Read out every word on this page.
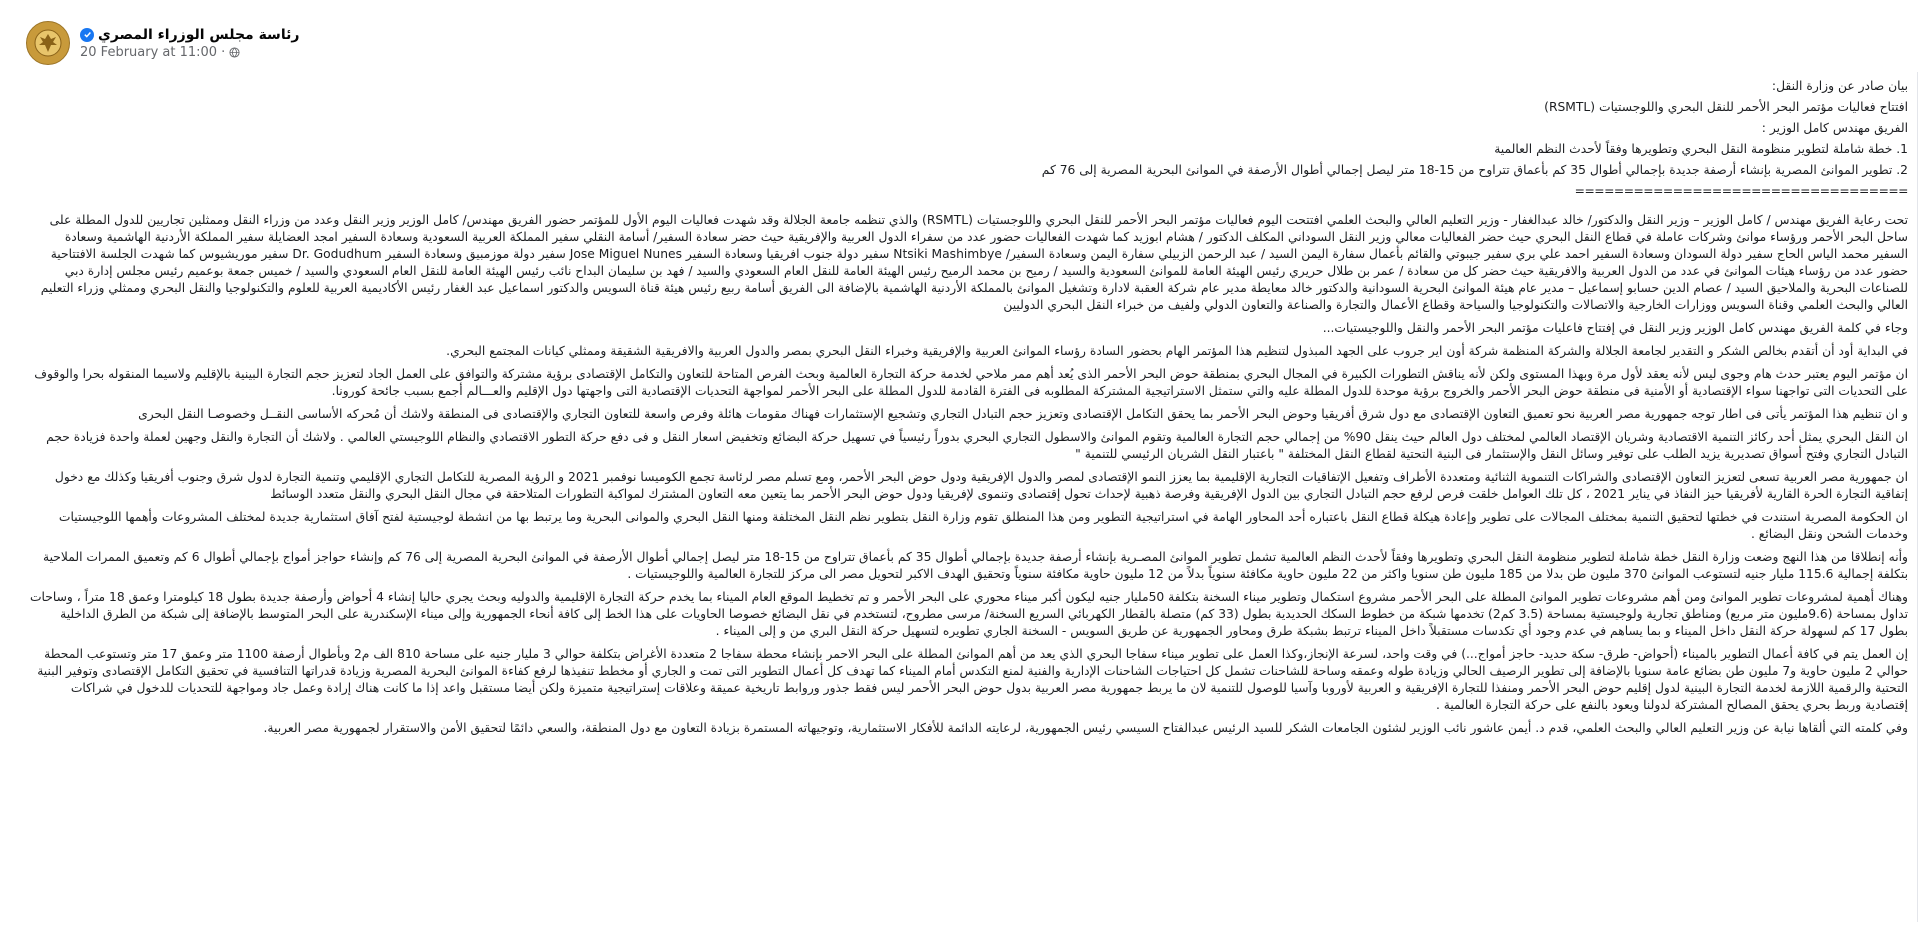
رئاسة مجلس الوزراء المصري
20 February at 11:00 ·

بيان صادر عن وزارة النقل:

افتتاح فعاليات مؤتمر البحر الأحمر للنقل البحري واللوجستيات (RSMTL)

الفريق مهندس كامل الوزير :

1. خطة شاملة لتطوير منظومة النقل البحري وتطويرها وفقاً لأحدث النظم العالمية

2. تطوير الموانئ المصرية بإنشاء أرصفة جديدة بإجمالي أطوال 35 كم بأعماق تتراوح من 15-18 متر ليصل إجمالي أطوال الأرصفة في الموانئ البحرية المصرية إلى 76 كم

==================================

تحت رعاية الفريق مهندس / كامل الوزير – وزير النقل والدكتور/ خالد عبدالغفار - وزير التعليم العالي والبحث العلمي افتتحت اليوم فعاليات مؤتمر البحر الأحمر للنقل البحري واللوجستيات (RSMTL) والذي تنظمه جامعة الجلالة وقد شهدت فعاليات اليوم الأول للمؤتمر حضور الفريق مهندس/ كامل الوزير وزير النقل وعدد من وزراء النقل وممثلين تجاريين للدول المطلة على ساحل البحر الأحمر ورؤساء موانئ وشركات عاملة في قطاع النقل البحري حيث حضر الفعاليات معالي وزير النقل السوداني المكلف الدكتور / هشام ابوزيد كما شهدت الفعاليات حضور عدد من سفراء الدول العربية والإفريقية حيث حضر سعادة السفير/ أسامة النقلي سفير المملكة العربية السعودية وسعادة السفير امجد العضايلة سفير المملكة الأردنية الهاشمية وسعادة السفير محمد الياس الحاج سفير دولة السودان وسعادة السفير احمد علي بري سفير جيبوتي والقائم بأعمال سفارة اليمن السيد / عبد الرحمن الزبيلي سفارة اليمن وسعادة السفير/ Ntsiki Mashimbye سفير دولة جنوب افريقيا وسعادة السفير Jose Miguel Nunes سفير دولة موزمبيق وسعادة السفير Dr. Godudhum سفير موريشيوس كما شهدت الجلسة الافتتاحية حضور عدد من رؤساء هيئات الموانئ في عدد من الدول العربية والافريقية حيث حضر كل من سعادة / عمر بن طلال حريري رئيس الهيئة العامة للموانئ السعودية والسيد / رميح بن محمد الرميح رئيس الهيئة العامة للنقل العام السعودي والسيد / فهد بن سليمان البداح نائب رئيس الهيئة العامة للنقل العام السعودي والسيد / خميس جمعة بوعميم رئيس مجلس إدارة دبي للصناعات البحرية والملاحيق السيد / عصام الدين حسابو إسماعيل – مدير عام هيئة الموانئ البحرية السودانية والدكتور خالد معايطة مدير عام شركة العقبة لادارة وتشغيل الموانئ بالمملكة الأردنية الهاشمية بالإضافة الى الفريق أسامة ربيع رئيس هيئة قناة السويس والدكتور اسماعيل عبد الغفار رئيس الأكاديمية العربية للعلوم والتكنولوجيا والنقل البحري وممثلي وزراء التعليم العالي والبحث العلمي وقناة السويس ووزارات الخارجية والاتصالات والتكنولوجيا والسياحة وقطاع الأعمال والتجارة والصناعة والتعاون الدولي ولفيف من خبراء النقل البحري الدوليين

وجاء في كلمة الفريق مهندس كامل الوزير وزير النقل في إفتتاح فاعليات مؤتمر البحر الأحمر والنقل واللوجيستيات...

في البداية أود أن أتقدم بخالص الشكر و التقدير لجامعة الجلالة والشركة المنظمة شركة أون اير جروب على الجهد المبذول لتنظيم هذا المؤتمر الهام بحضور السادة رؤساء الموانئ العربية والإفريقية وخبراء النقل البحري بمصر والدول العربية والافريقية الشقيقة وممثلي كيانات المجتمع البحري.

ان مؤتمر اليوم يعتبر حدث هام وجوى ليس لأنه يعقد لأول مرة وبهذا المستوى ولكن لأنه يناقش التطورات الكبيرة في المجال البحري بمنطقة حوض البحر الأحمر الذى يُعد أهم ممر ملاحي لخدمة حركة التجارة العالمية وبحث الفرص المتاحة للتعاون والتكامل الإقتصادى برؤية مشتركة والتوافق على العمل الجاد لتعزيز حجم التجارة البينية بالإقليم ولاسيما المنقوله بحرا والوقوف على التحديات التى تواجهنا سواء الإقتصادية أو الأمنية فى منطقة حوض البحر الأحمر والخروج برؤية موحدة للدول المطلة عليه والتي ستمثل الاستراتيجية المشتركة المطلوبه فى الفترة القادمة للدول المطلة على البحر الأحمر لمواجهة التحديات الإقتصادية التى واجهتها دول الإقليم والعـــالم أجمع بسبب جائحة كورونا.

و ان تنظيم هذا المؤتمر يأتى فى اطار توجه جمهورية مصر العربية نحو تعميق التعاون الإقتصادى مع دول شرق أفريقيا وحوض البحر الأحمر بما يحقق التكامل الإقتصادى وتعزيز حجم التبادل التجاري وتشجيع الإستثمارات فهناك مقومات هائلة وفرص واسعة للتعاون التجاري والإقتصادى فى المنطقة ولاشك أن مُحركه الأساسى النقــل وخصوصـا النقل البحرى

ان النقل البحري يمثل أحد ركائز التنمية الاقتصادية وشريان الإقتصاد العالمي لمختلف دول العالم حيث ينقل 90% من إجمالي حجم التجارة العالمية وتقوم الموانئ والاسطول التجاري البحري بدوراً رئيسياً في تسهيل حركة البضائع وتخفيض اسعار النقل و فى دفع حركة التطور الاقتصادي والنظام اللوجيستي العالمي . ولاشك أن التجارة والنقل وجهين لعملة واحدة فزيادة حجم التبادل التجاري وفتح أسواق تصديرية يزيد الطلب على توفير وسائل النقل والإستثمار فى البنية التحتية لقطاع النقل المختلفة " باعتبار النقل الشريان الرئيسي للتنمية "

ان جمهورية مصر العربية تسعى لتعزيز التعاون الإقتصادى والشراكات التنموية الثنائية ومتعددة الأطراف وتفعيل الإتفاقيات التجارية الإقليمية بما يعزز النمو الإقتصادى لمصر والدول الإفريقية ودول حوض البحر الأحمر، ومع تسلم مصر لرئاسة تجمع الكوميسا نوفمبر 2021 و الرؤية المصرية للتكامل التجاري الإقليمي وتنمية التجارة لدول شرق وجنوب أفريقيا وكذلك مع دخول إتفاقية التجارة الحرة القارية لأفريقيا حيز النفاذ في يناير 2021 ، كل تلك العوامل خلقت فرص لرفع حجم التبادل التجاري بين الدول الإفريقية وفرصة ذهبية لإحداث تحول إقتصادى وتنموى لإفريقيا ودول حوض البحر الأحمر بما يتعين معه التعاون المشترك لمواكبة التطورات المتلاحقة في مجال النقل البحري والنقل متعدد الوسائط

ان الحكومة المصرية استندت في خطتها لتحقيق التنمية بمختلف المجالات على تطوير وإعادة هيكلة قطاع النقل باعتباره أحد المحاور الهامة في استراتيجية التطوير ومن هذا المنطلق تقوم وزارة النقل بتطوير نظم النقل المختلفة ومنها النقل البحري والموانى البحرية وما يرتبط بها من انشطة لوجيستية لفتح آفاق استثمارية جديدة لمختلف المشروعات وأهمها اللوجيستيات وخدمات الشحن ونقل البضائع .

وأنه إنطلاقا من هذا النهج وضعت وزارة النقل خطة شاملة لتطوير منظومة النقل البحري وتطويرها وفقاً لأحدث النظم العالمية تشمل تطوير الموانئ المصـرية بإنشاء أرصفة جديدة بإجمالي أطوال 35 كم بأعماق تتراوح من 15-18 متر ليصل إجمالي أطوال الأرصفة في الموانئ البحرية المصرية إلى 76 كم وإنشاء حواجز أمواج بإجمالي أطوال 6 كم وتعميق الممرات الملاحية بتكلفة إجمالية 115.6 مليار جنيه لتستوعب الموانئ 370 مليون طن بدلا من 185 مليون طن سنويا واكثر من 22 مليون حاوية مكافئة سنوياً بدلاً من 12 مليون حاوية مكافئة سنوياً وتحقيق الهدف الاكبر لتحويل مصر الى مركز للتجارة العالمية واللوجيستيات .

وهناك أهمية لمشروعات تطوير الموانئ ومن أهم مشروعات تطوير الموانئ المطلة على البحر الأحمر مشروع استكمال وتطوير ميناء السخنة بتكلفة 50مليار جنيه ليكون أكبر ميناء محوري على البحر الأحمر و تم تخطيط الموقع العام الميناء بما يخدم حركة التجارة الإقليمية والدوليه وبحث يجري حاليا إنشاء 4 أحواض وأرصفة جديدة بطول 18 كيلومترا وعمق 18 متراً ، وساحات تداول بمساحة (9.6مليون متر مربع) ومناطق تجارية ولوجيستية بمساحة (3.5 كم2) تخدمها شبكة من خطوط السكك الحديدية بطول (33 كم) متصلة بالقطار الكهربائي السريع السخنة/ مرسى مطروح، لتستخدم في نقل البضائع خصوصا الحاويات على هذا الخط إلى كافة أنحاء الجمهورية وإلى ميناء الإسكندرية على البحر المتوسط بالإضافة إلى شبكة من الطرق الداخلية بطول 17 كم لسهولة حركة النقل داخل الميناء و بما يساهم في عدم وجود أي تكدسات مستقبلاً داخل الميناء ترتبط بشبكة طرق ومحاور الجمهورية عن طريق السويس - السخنة الجاري تطويره لتسهيل حركة النقل البري من و إلى الميناء .

إن العمل يتم في كافة أعمال التطوير بالميناء (أحواض- طرق- سكة حديد- حاجز أمواج...) في وقت واحد، لسرعة الإنجاز،وكذا العمل على تطوير ميناء سفاجا البحري الذي يعد من أهم الموانئ المطلة على البحر الاحمر بإنشاء محطة سفاجا 2 متعددة الأغراض بتكلفة حوالي 3 مليار جنيه على مساحة 810 الف م2 وبأطوال أرصفة 1100 متر وعمق 17 متر وتستوعب المحطة حوالي 2 مليون حاوية و7 مليون طن بضائع عامة سنويا بالإضافة إلى تطوير الرصيف الحالي وزيادة طوله وعمقه وساحة للشاحنات تشمل كل احتياجات الشاحنات الإدارية والفنية لمنع التكدس أمام الميناء كما تهدف كل أعمال التطوير التى تمت و الجاري أو مخطط تنفيذها لرفع كفاءة الموانئ البحرية المصرية وزيادة قدراتها التنافسية في تحقيق التكامل الإقتصادى وتوفير البنية التحتية والرقمية اللازمة لخدمة التجارة البينية لدول إقليم حوض البحر الأحمر ومنفذا للتجارة الإفريقية و العربية لأوروبا وآسيا للوصول للتنمية لان ما يربط جمهورية مصر العربية بدول حوض البحر الأحمر ليس فقط جذور وروابط تاريخية عميقة وعلاقات إستراتيجية متميزة ولكن أيضا مستقبل واعد إذا ما كانت هناك إرادة وعمل جاد ومواجهة للتحديات للدخول في شراكات إقتصادية وربط بحري يحقق المصالح المشتركة لدولنا ويعود بالنفع على حركة التجارة العالمية .

وفي كلمته التي ألقاها نيابة عن وزير التعليم العالي والبحث العلمي، قدم د. أيمن عاشور نائب الوزير لشئون الجامعات الشكر للسيد الرئيس عبدالفتاح السيسي رئيس الجمهورية، لرعايته الدائمة للأفكار الاستثمارية، وتوجيهاته المستمرة بزيادة التعاون مع دول المنطقة، والسعي دائمًا لتحقيق الأمن والاستقرار لجمهورية مصر العربية.
